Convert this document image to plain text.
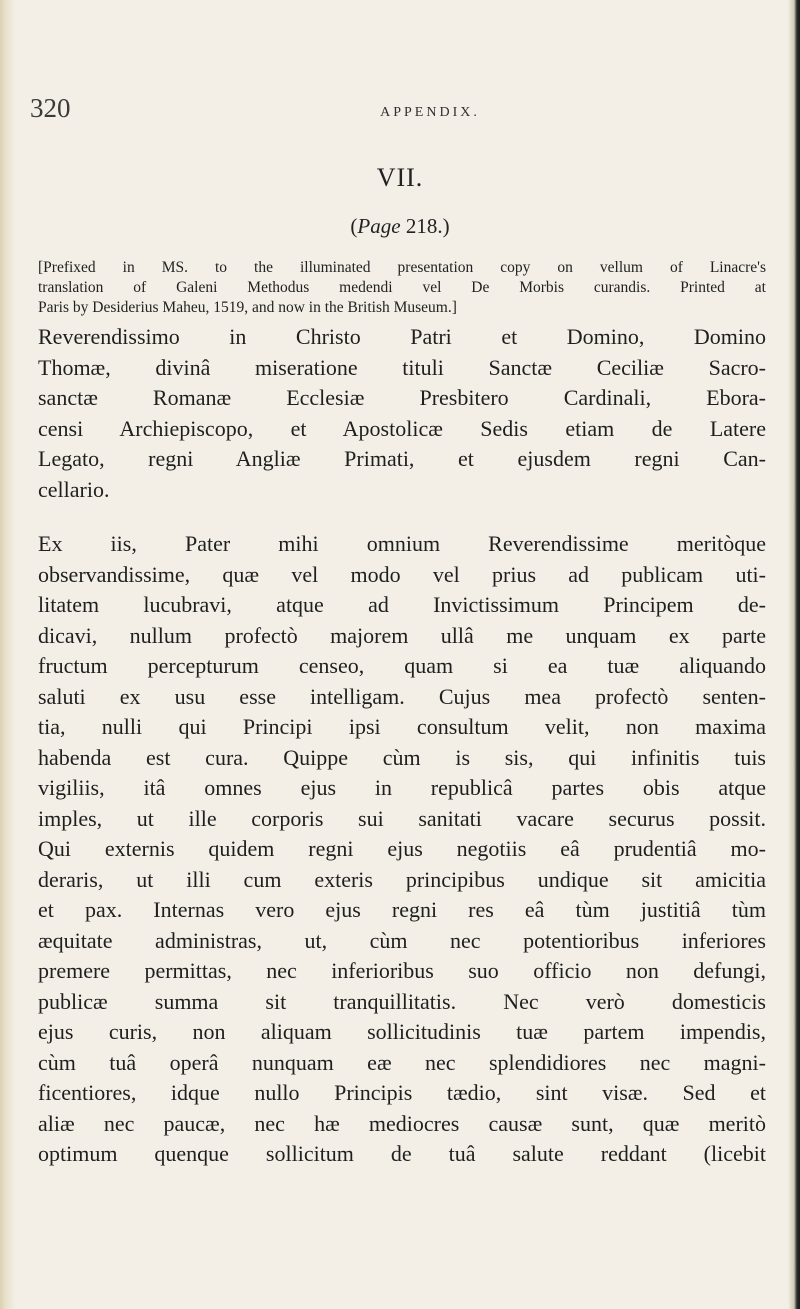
320	APPENDIX.
VII.
(Page 218.)
[Prefixed in MS. to the illuminated presentation copy on vellum of Linacre's
translation of Galeni Methodus medendi vel De Morbis curandis. Printed at
Paris by Desiderius Maheu, 1519, and now in the British Museum.]
Reverendissimo in Christo Patri et Domino, Domino
Thomæ, divinâ miseratione tituli Sanctæ Ceciliæ Sacro-
sanctæ Romanæ Ecclesiæ Presbitero Cardinali, Ebora-
censi Archiepiscopo, et Apostolicæ Sedis etiam de Latere
Legato, regni Angliæ Primati, et ejusdem regni Can-
cellario.
Ex iis, Pater mihi omnium Reverendissime meritòque
observandissime, quæ vel modo vel prius ad publicam uti-
litatem lucubravi, atque ad Invictissimum Principem de-
dicavi, nullum profectò majorem ullâ me unquam ex parte
fructum percepturum censeo, quam si ea tuæ aliquando
saluti ex usu esse intelligam. Cujus mea profectò senten-
tia, nulli qui Principi ipsi consultum velit, non maxima
habenda est cura. Quippe cùm is sis, qui infinitis tuis
vigiliis, itâ omnes ejus in republicâ partes obis atque
imples, ut ille corporis sui sanitati vacare securus possit.
Qui externis quidem regni ejus negotiis eâ prudentiâ mo-
deraris, ut illi cum exteris principibus undique sit amicitia
et pax. Internas vero ejus regni res eâ tùm justitiâ tùm
æquitate administras, ut, cùm nec potentioribus inferiores
premere permittas, nec inferioribus suo officio non defungi,
publicæ summa sit tranquillitatis. Nec verò domesticis
ejus curis, non aliquam sollicitudinis tuæ partem impendis,
cùm tuâ operâ nunquam eæ nec splendidiores nec magni-
ficentiores, idque nullo Principis tædio, sint visæ. Sed et
aliæ nec paucæ, nec hæ mediocres causæ sunt, quæ meritò
optimum quenque sollicitum de tuâ salute reddant (licebit
